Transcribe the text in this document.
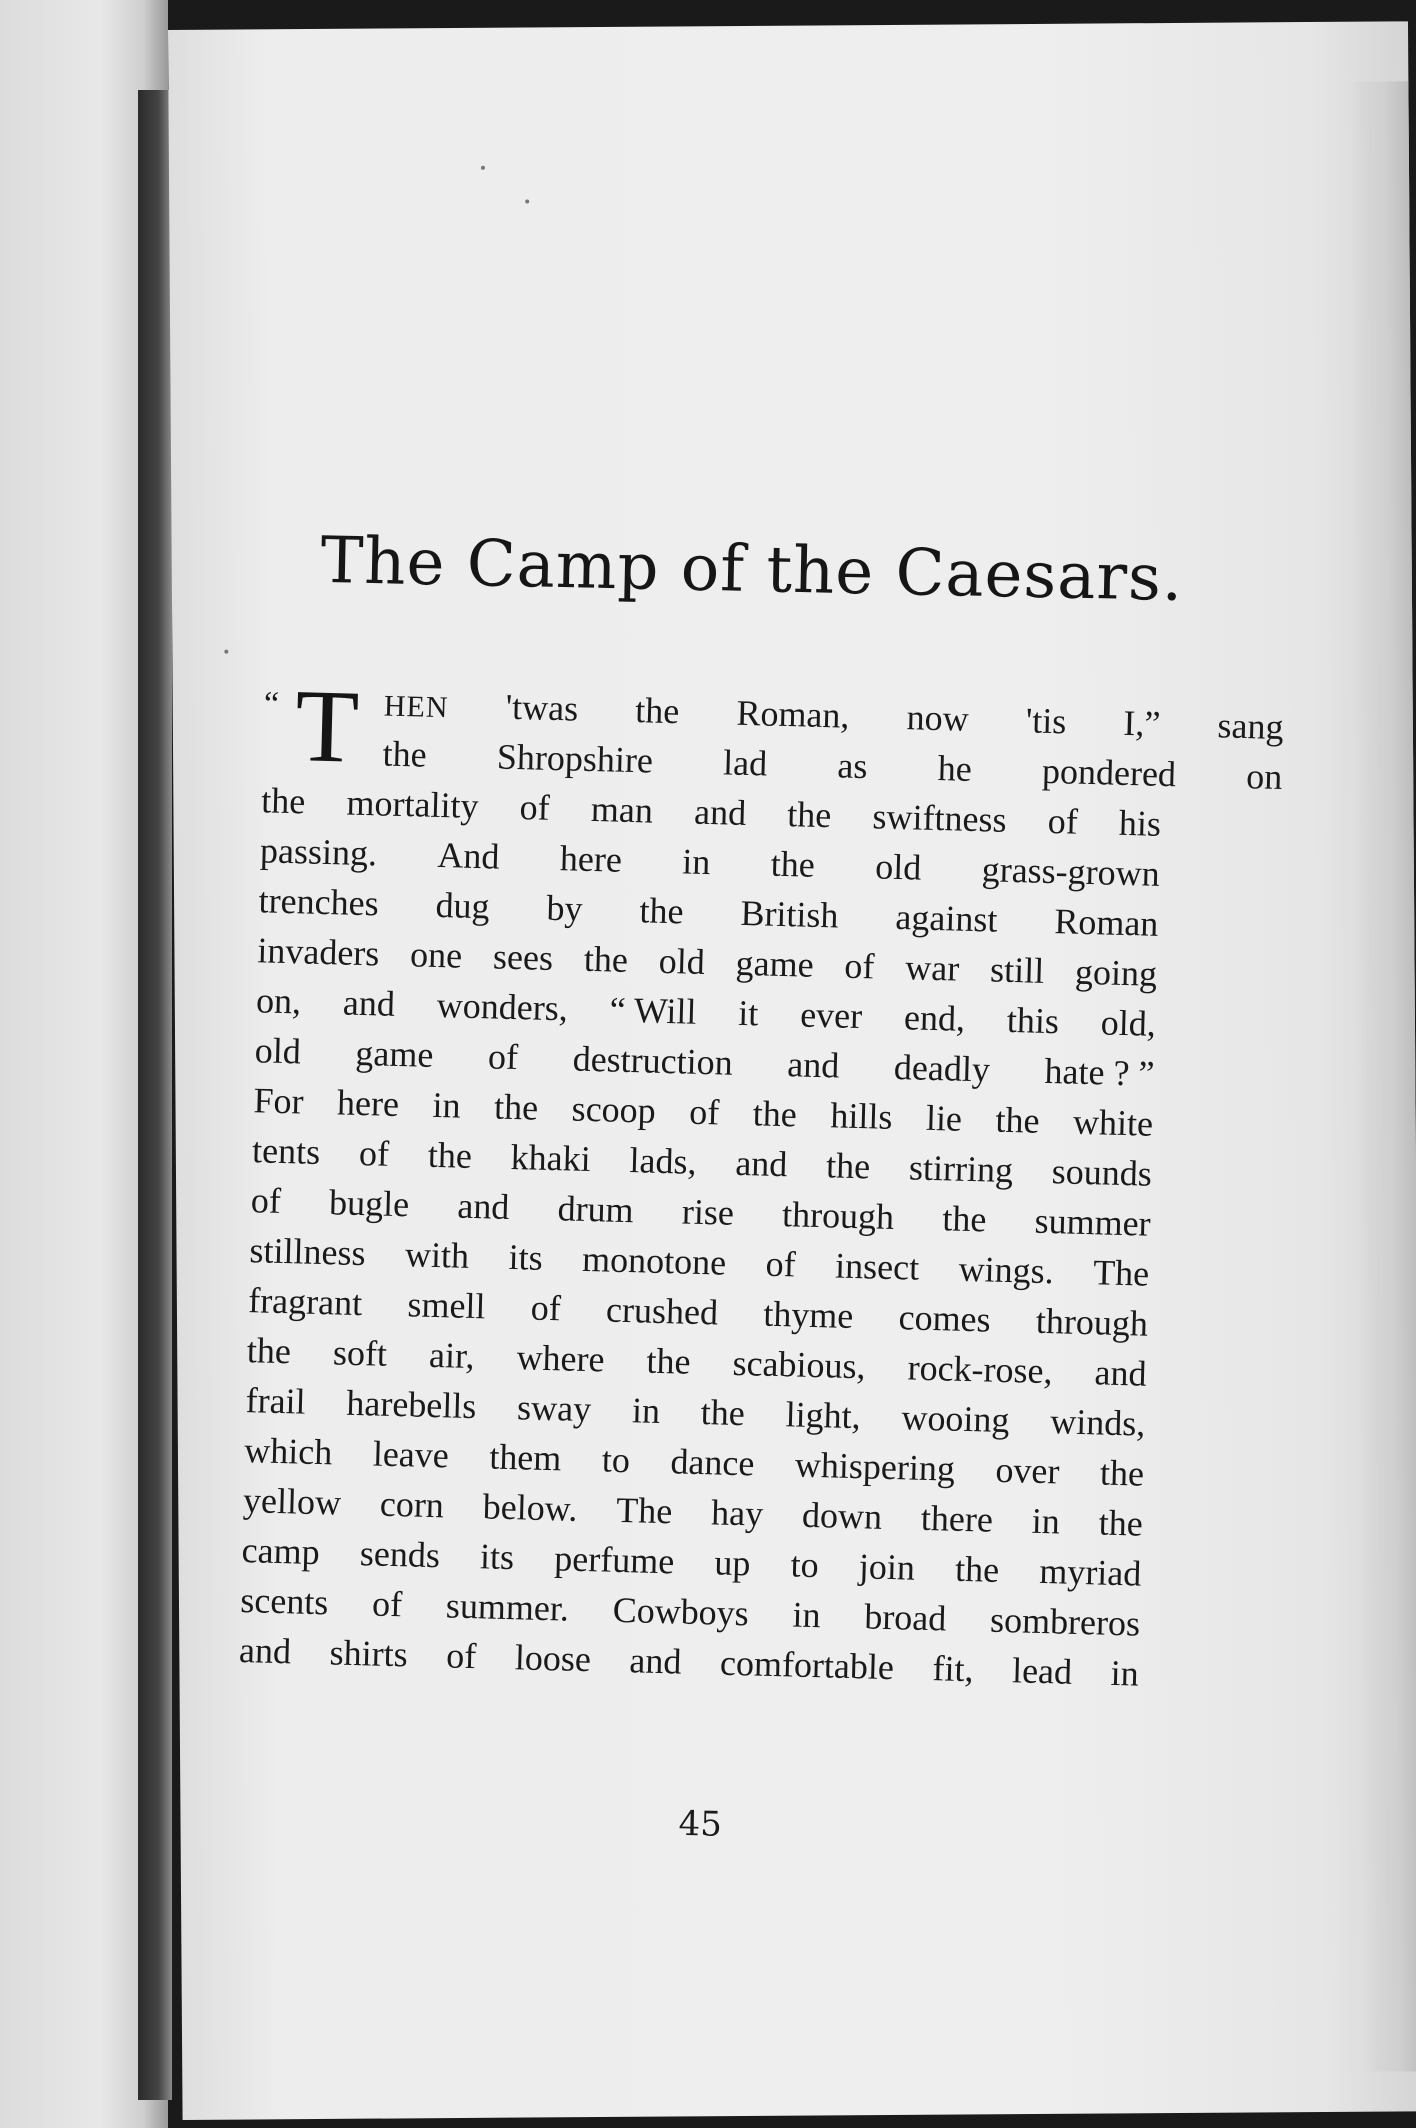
The Camp of the Caesars.
“ T HEN 'twas the Roman, now 'tis I,” sang
the Shropshire lad as he pondered on
the mortality of man and the swiftness of his
passing. And here in the old grass-grown
trenches dug by the British against Roman
invaders one sees the old game of war still going
on, and wonders, “ Will it ever end, this old,
old game of destruction and deadly hate ? ”
For here in the scoop of the hills lie the white
tents of the khaki lads, and the stirring sounds
of bugle and drum rise through the summer
stillness with its monotone of insect wings. The
fragrant smell of crushed thyme comes through
the soft air, where the scabious, rock-rose, and
frail harebells sway in the light, wooing winds,
which leave them to dance whispering over the
yellow corn below. The hay down there in the
camp sends its perfume up to join the myriad
scents of summer. Cowboys in broad sombreros
and shirts of loose and comfortable fit, lead in
45
